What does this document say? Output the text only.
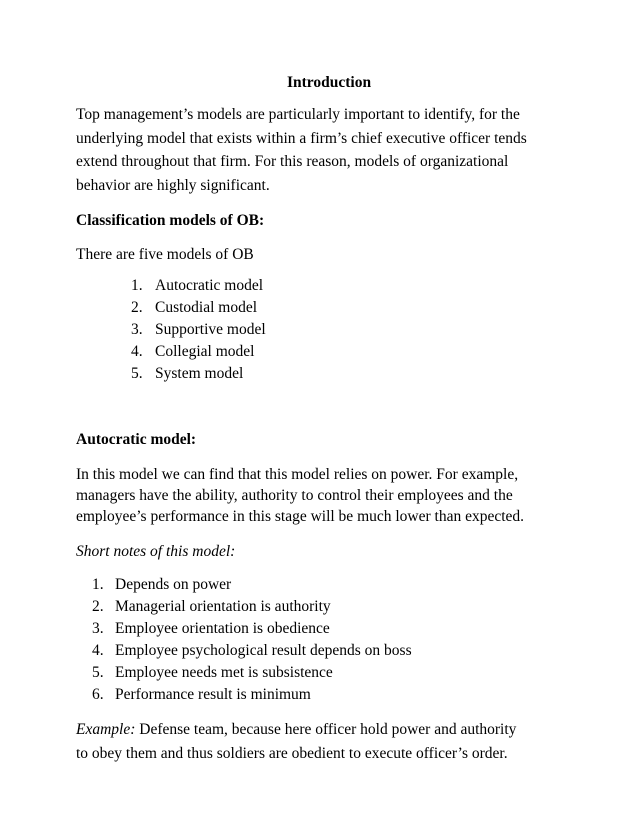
Introduction
Top management’s models are particularly important to identify, for the
underlying model that exists within a firm’s chief executive officer tends
extend throughout that firm. For this reason, models of organizational
behavior are highly significant.
Classification models of OB:
There are five models of OB
1. Autocratic model
2. Custodial model
3. Supportive model
4. Collegial model
5. System model
Autocratic model:
In this model we can find that this model relies on power. For example,
managers have the ability, authority to control their employees and the
employee’s performance in this stage will be much lower than expected.
Short notes of this model:
1. Depends on power
2. Managerial orientation is authority
3. Employee orientation is obedience
4. Employee psychological result depends on boss
5. Employee needs met is subsistence
6. Performance result is minimum
Example: Defense team, because here officer hold power and authority
to obey them and thus soldiers are obedient to execute officer’s order.
